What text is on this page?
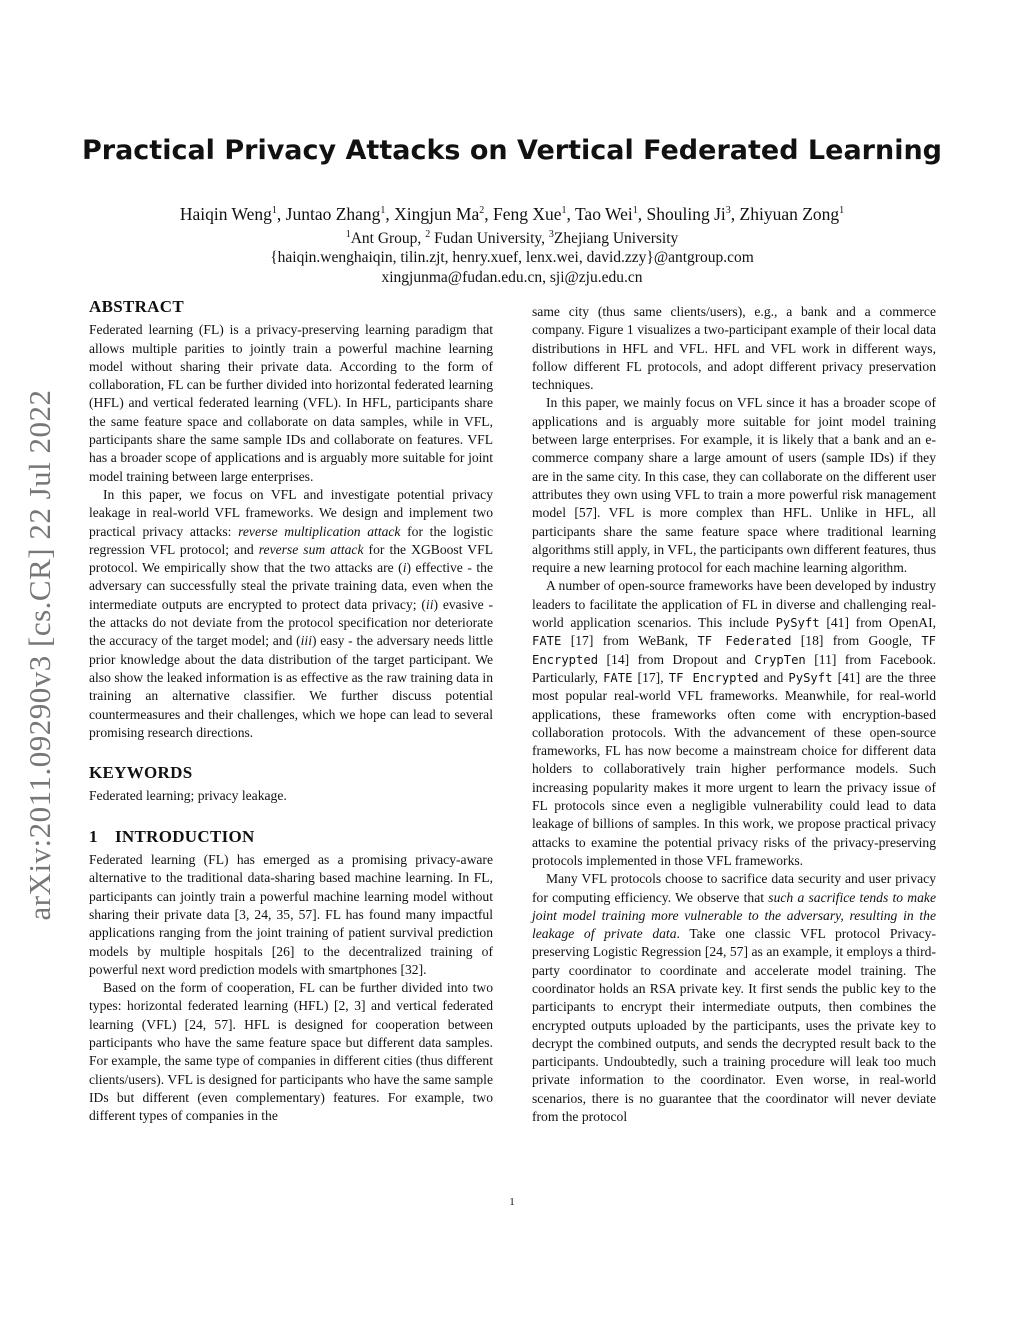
arXiv:2011.09290v3 [cs.CR] 22 Jul 2022
Practical Privacy Attacks on Vertical Federated Learning
Haiqin Weng$^1$, Juntao Zhang$^1$, Xingjun Ma$^2$, Feng Xue$^1$, Tao Wei$^1$, Shouling Ji$^3$, Zhiyuan Zong$^1$
$^1$Ant Group, $^2$ Fudan University, $^3$Zhejiang University
{haiqin.wenghaiqin, tilin.zjt, henry.xuef, lenx.wei, david.zzy}@antgroup.com
xingjunma@fudan.edu.cn, sji@zju.edu.cn
ABSTRACT

Federated learning (FL) is a privacy-preserving learning paradigm that allows multiple parities to jointly train a powerful machine learning model without sharing their private data. According to the form of collaboration, FL can be further divided into horizontal federated learning (HFL) and vertical federated learning (VFL). In HFL, participants share the same feature space and collaborate on data samples, while in VFL, participants share the same sample IDs and collaborate on features. VFL has a broader scope of applications and is arguably more suitable for joint model training between large enterprises.

In this paper, we focus on VFL and investigate potential privacy leakage in real-world VFL frameworks. We design and implement two practical privacy attacks: reverse multiplication attack for the logistic regression VFL protocol; and reverse sum attack for the XGBoost VFL protocol. We empirically show that the two attacks are (i) effective - the adversary can successfully steal the private training data, even when the intermediate outputs are encrypted to protect data privacy; (ii) evasive - the attacks do not deviate from the protocol specification nor deteriorate the accuracy of the target model; and (iii) easy - the adversary needs little prior knowledge about the data distribution of the target participant. We also show the leaked information is as effective as the raw training data in training an alternative classifier. We further discuss potential countermeasures and their challenges, which we hope can lead to several promising research directions.

KEYWORDS

Federated learning; privacy leakage.

1 INTRODUCTION

Federated learning (FL) has emerged as a promising privacy-aware alternative to the traditional data-sharing based machine learning. In FL, participants can jointly train a powerful machine learning model without sharing their private data [3, 24, 35, 57]. FL has found many impactful applications ranging from the joint training of patient survival prediction models by multiple hospitals [26] to the decentralized training of powerful next word prediction models with smartphones [32].

Based on the form of cooperation, FL can be further divided into two types: horizontal federated learning (HFL) [2, 3] and vertical federated learning (VFL) [24, 57]. HFL is designed for cooperation between participants who have the same feature space but different data samples. For example, the same type of companies in different cities (thus different clients/users). VFL is designed for participants who have the same sample IDs but different (even complementary) features. For example, two different types of companies in the

same city (thus same clients/users), e.g., a bank and a commerce company. Figure 1 visualizes a two-participant example of their local data distributions in HFL and VFL. HFL and VFL work in different ways, follow different FL protocols, and adopt different privacy preservation techniques.

In this paper, we mainly focus on VFL since it has a broader scope of applications and is arguably more suitable for joint model training between large enterprises. For example, it is likely that a bank and an e-commerce company share a large amount of users (sample IDs) if they are in the same city. In this case, they can collaborate on the different user attributes they own using VFL to train a more powerful risk management model [57]. VFL is more complex than HFL. Unlike in HFL, all participants share the same feature space where traditional learning algorithms still apply, in VFL, the participants own different features, thus require a new learning protocol for each machine learning algorithm.

A number of open-source frameworks have been developed by industry leaders to facilitate the application of FL in diverse and challenging real-world application scenarios. This include PySyft [41] from OpenAI, FATE [17] from WeBank, TF Federated [18] from Google, TF Encrypted [14] from Dropout and CrypTen [11] from Facebook. Particularly, FATE [17], TF Encrypted and PySyft [41] are the three most popular real-world VFL frameworks. Meanwhile, for real-world applications, these frameworks often come with encryption-based collaboration protocols. With the advancement of these open-source frameworks, FL has now become a mainstream choice for different data holders to collaboratively train higher performance models. Such increasing popularity makes it more urgent to learn the privacy issue of FL protocols since even a negligible vulnerability could lead to data leakage of billions of samples. In this work, we propose practical privacy attacks to examine the potential privacy risks of the privacy-preserving protocols implemented in those VFL frameworks.

Many VFL protocols choose to sacrifice data security and user privacy for computing efficiency. We observe that such a sacrifice tends to make joint model training more vulnerable to the adversary, resulting in the leakage of private data. Take one classic VFL protocol Privacy-preserving Logistic Regression [24, 57] as an example, it employs a third-party coordinator to coordinate and accelerate model training. The coordinator holds an RSA private key. It first sends the public key to the participants to encrypt their intermediate outputs, then combines the encrypted outputs uploaded by the participants, uses the private key to decrypt the combined outputs, and sends the decrypted result back to the participants. Undoubtedly, such a training procedure will leak too much private information to the coordinator. Even worse, in real-world scenarios, there is no guarantee that the coordinator will never deviate from the protocol

1
